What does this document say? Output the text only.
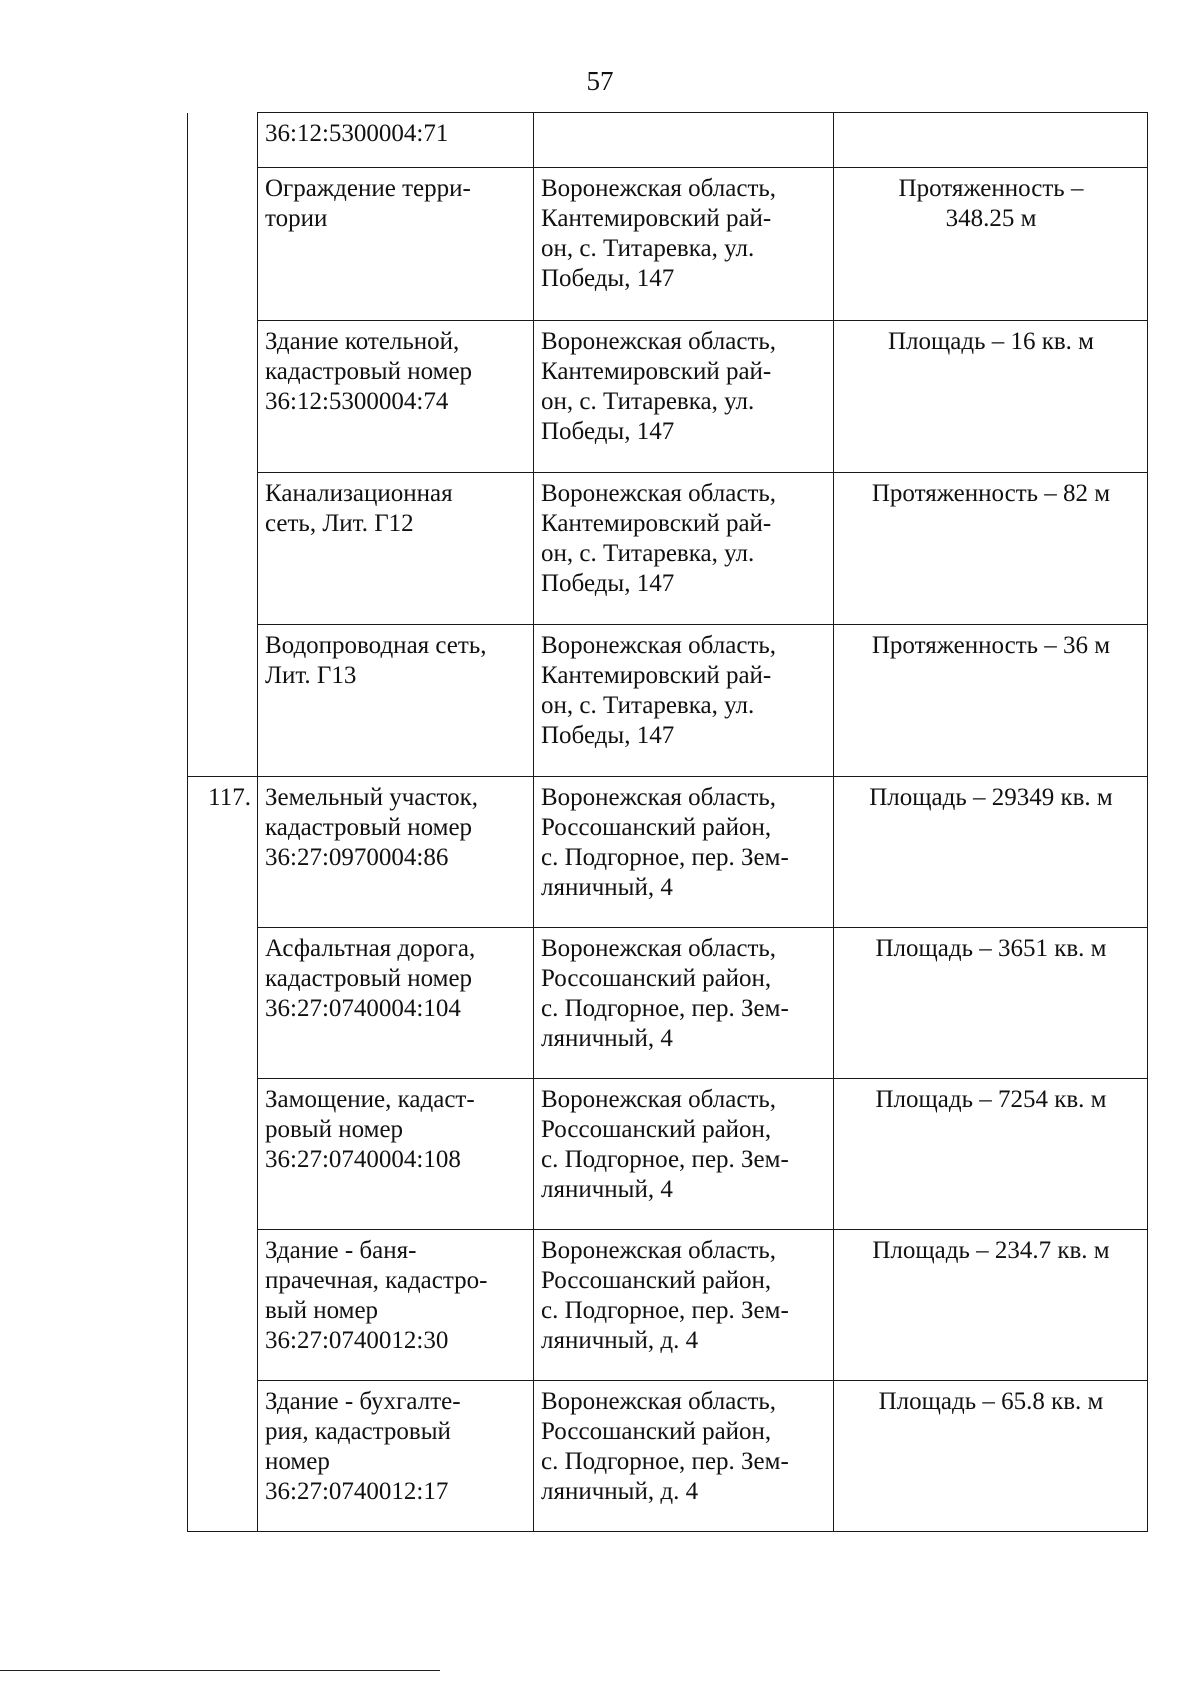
57
	36:12:5300004:71		
	Ограждение терри-
тории	Воронежская область,
Кантемировский рай-
он, с. Титаревка, ул.
Победы, 147	Протяженность –
348.25 м
	Здание котельной,
кадастровый номер
36:12:5300004:74	Воронежская область,
Кантемировский рай-
он, с. Титаревка, ул.
Победы, 147	Площадь – 16 кв. м
	Канализационная
сеть, Лит. Г12	Воронежская область,
Кантемировский рай-
он, с. Титаревка, ул.
Победы, 147	Протяженность – 82 м
	Водопроводная сеть,
Лит. Г13	Воронежская область,
Кантемировский рай-
он, с. Титаревка, ул.
Победы, 147	Протяженность – 36 м
117.	Земельный участок,
кадастровый номер
36:27:0970004:86	Воронежская область,
Россошанский район,
с. Подгорное, пер. Зем-
ляничный, 4	Площадь – 29349 кв. м
	Асфальтная дорога,
кадастровый номер
36:27:0740004:104	Воронежская область,
Россошанский район,
с. Подгорное, пер. Зем-
ляничный, 4	Площадь – 3651 кв. м
	Замощение, кадаст-
ровый номер
36:27:0740004:108	Воронежская область,
Россошанский район,
с. Подгорное, пер. Зем-
ляничный, 4	Площадь – 7254 кв. м
	Здание - баня-
прачечная, кадастро-
вый номер
36:27:0740012:30	Воронежская область,
Россошанский район,
с. Подгорное, пер. Зем-
ляничный, д. 4	Площадь – 234.7 кв. м
	Здание - бухгалте-
рия, кадастровый
номер
36:27:0740012:17	Воронежская область,
Россошанский район,
с. Подгорное, пер. Зем-
ляничный, д. 4	Площадь – 65.8 кв. м
